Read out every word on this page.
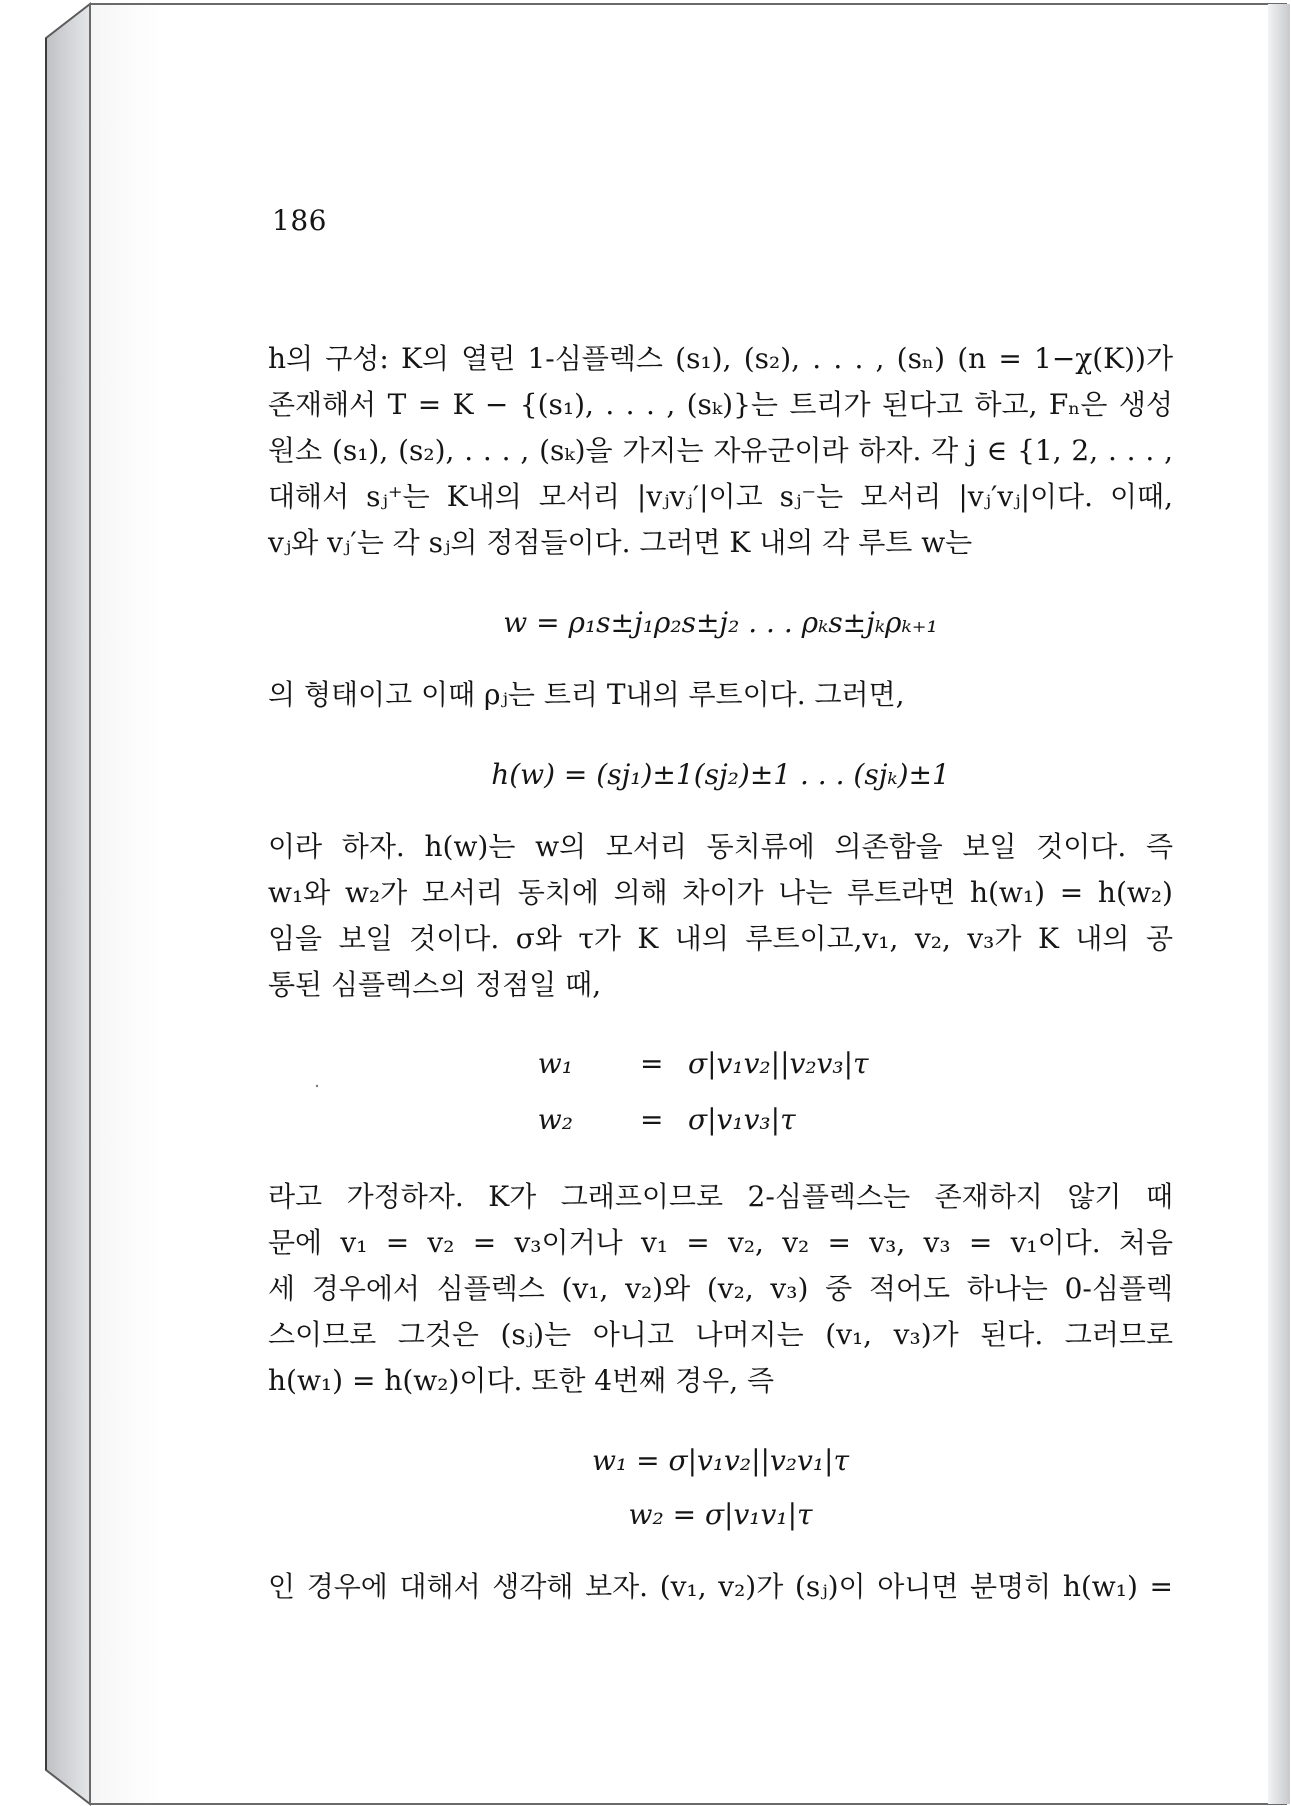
186
h의 구성: K의 열린 1-심플렉스 (s₁), (s₂), . . . , (sₙ) (n = 1−χ(K))가
존재해서 T = K − {(s₁), . . . , (sₖ)}는 트리가 된다고 하고, Fₙ은 생성
원소 (s₁), (s₂), . . . , (sₖ)을 가지는 자유군이라 하자. 각 j ∈ {1, 2, . . . ,
대해서 sⱼ⁺는 K내의 모서리 |vⱼvⱼ′|이고 sⱼ⁻는 모서리 |vⱼ′vⱼ|이다. 이때,
vⱼ와 vⱼ′는 각 sⱼ의 정점들이다. 그러면 K 내의 각 루트 w는
w = ρ₁s±j₁ρ₂s±j₂ . . . ρₖs±jₖρₖ₊₁
의 형태이고 이때 ρⱼ는 트리 T내의 루트이다. 그러면,
h(w) = (sj₁)±1(sj₂)±1 . . . (sjₖ)±1
이라 하자. h(w)는 w의 모서리 동치류에 의존함을 보일 것이다. 즉
w₁와 w₂가 모서리 동치에 의해 차이가 나는 루트라면 h(w₁) = h(w₂)
임을 보일 것이다. σ와 τ가 K 내의 루트이고,v₁, v₂, v₃가 K 내의 공
통된 심플렉스의 정점일 때,
w₁ = σ|v₁v₂||v₂v₃|τ
w₂ = σ|v₁v₃|τ
라고 가정하자. K가 그래프이므로 2-심플렉스는 존재하지 않기 때
문에 v₁ = v₂ = v₃이거나 v₁ = v₂, v₂ = v₃, v₃ = v₁이다. 처음
세 경우에서 심플렉스 (v₁, v₂)와 (v₂, v₃) 중 적어도 하나는 0-심플렉
스이므로 그것은 (sⱼ)는 아니고 나머지는 (v₁, v₃)가 된다. 그러므로
h(w₁) = h(w₂)이다. 또한 4번째 경우, 즉
w₁ = σ|v₁v₂||v₂v₁|τ
w₂ = σ|v₁v₁|τ
인 경우에 대해서 생각해 보자. (v₁, v₂)가 (sⱼ)이 아니면 분명히 h(w₁) =
